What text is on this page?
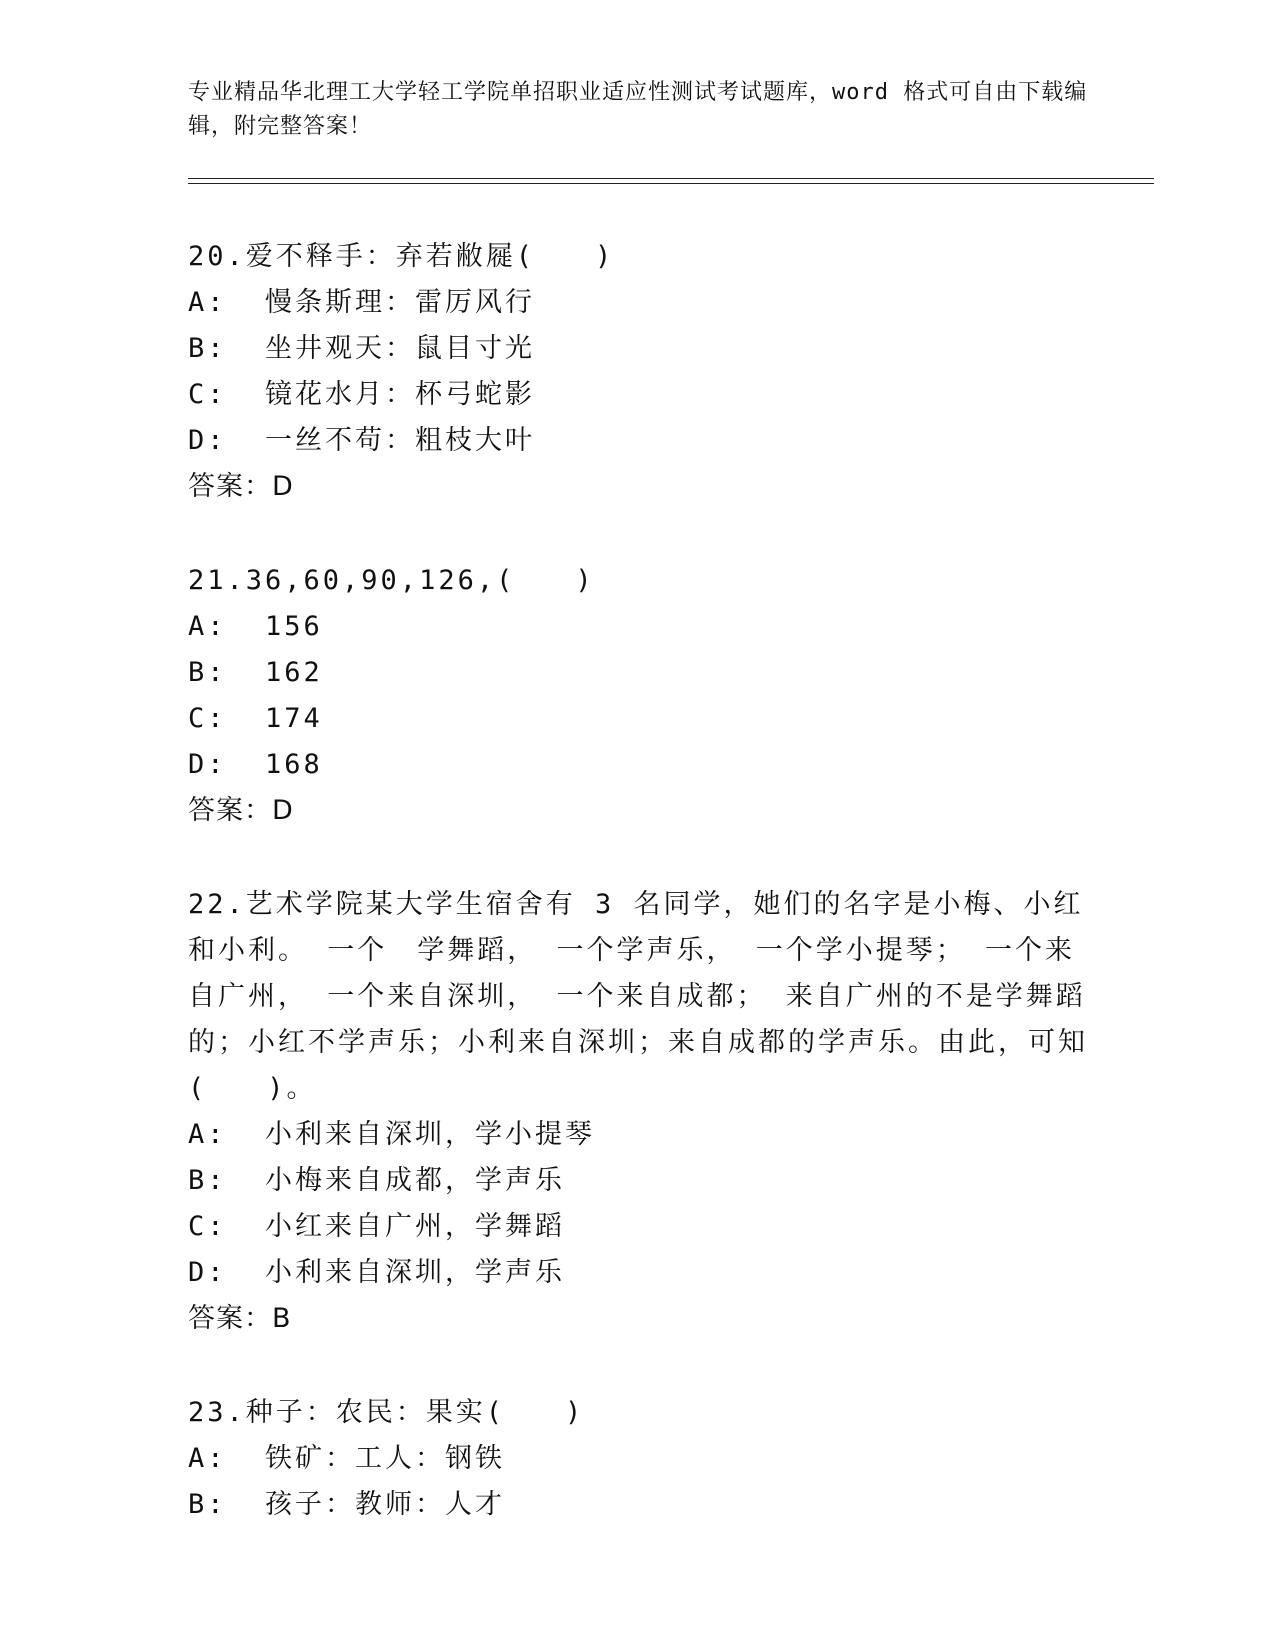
专业精品华北理工大学轻工学院单招职业适应性测试考试题库，word 格式可自由下载编辑，附完整答案！
20.爱不释手：弃若敝屣(　　)
A: 慢条斯理：雷厉风行
B: 坐井观天：鼠目寸光
C: 镜花水月：杯弓蛇影
D: 一丝不苟：粗枝大叶
答案：D
21.36,60,90,126,(　　)
A: 156
B: 162
C: 174
D: 168
答案：D
22.艺术学院某大学生宿舍有 3 名同学，她们的名字是小梅、小红和小利。 一个　学舞蹈， 一个学声乐， 一个学小提琴； 一个来自广州， 一个来自深圳， 一个来自成都； 来自广州的不是学舞蹈的；小红不学声乐；小利来自深圳；来自成都的学声乐。由此，可知(　　)。
A: 小利来自深圳，学小提琴
B: 小梅来自成都，学声乐
C: 小红来自广州，学舞蹈
D: 小利来自深圳，学声乐
答案：B
23.种子：农民：果实(　　)
A: 铁矿：工人：钢铁
B: 孩子：教师：人才
